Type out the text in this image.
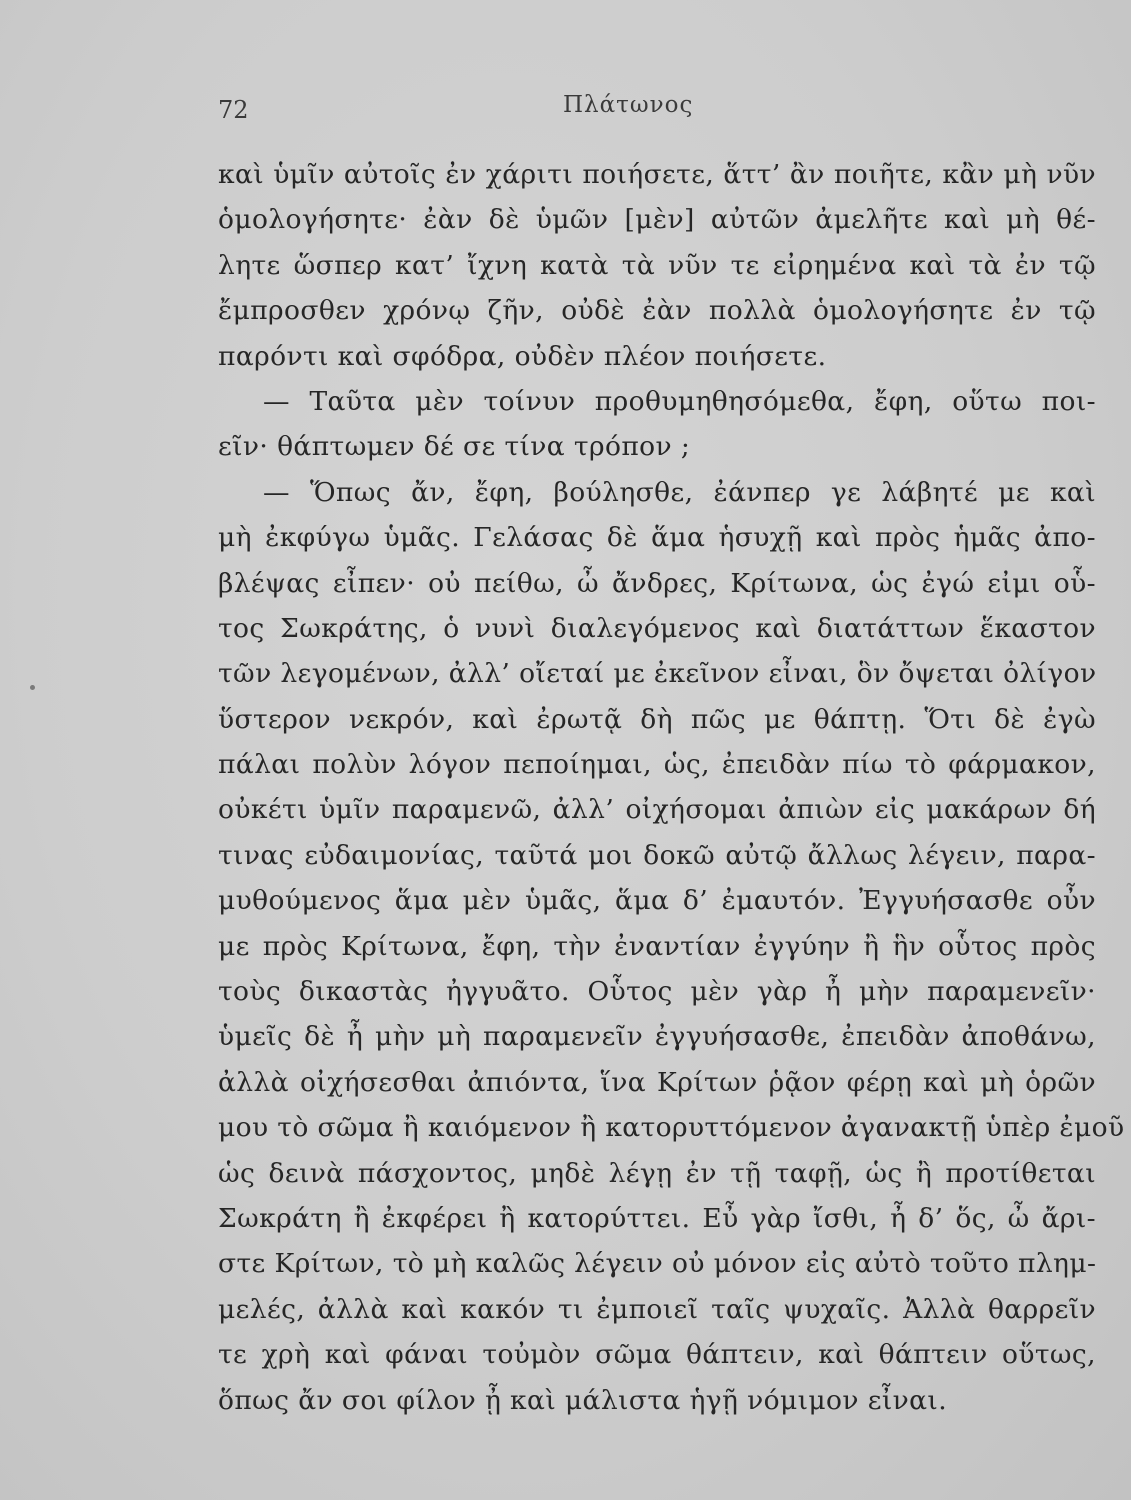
72	Πλάτωνος
καὶ ὑμῖν αὐτοῖς ἐν χάριτι ποιήσετε, ἅττ’ ἂν ποιῆτε, κἂν μὴ νῦν
ὁμολογήσητε· ἐὰν δὲ ὑμῶν [μὲν] αὐτῶν ἀμελῆτε καὶ μὴ θέ-
λητε ὥσπερ κατ’ ἴχνη κατὰ τὰ νῦν τε εἰρημένα καὶ τὰ ἐν τῷ
ἔμπροσθεν χρόνῳ ζῆν, οὐδὲ ἐὰν πολλὰ ὁμολογήσητε ἐν τῷ
παρόντι καὶ σφόδρα, οὐδὲν πλέον ποιήσετε.
— Ταῦτα μὲν τοίνυν προθυμηθησόμεθα, ἔφη, οὕτω ποι-
εῖν· θάπτωμεν δέ σε τίνα τρόπον ;
— Ὅπως ἄν, ἔφη, βούλησθε, ἐάνπερ γε λάβητέ με καὶ
μὴ ἐκφύγω ὑμᾶς. Γελάσας δὲ ἅμα ἡσυχῇ καὶ πρὸς ἡμᾶς ἀπο-
βλέψας εἶπεν· οὐ πείθω, ὦ ἄνδρες, Κρίτωνα, ὡς ἐγώ εἰμι οὗ-
τος Σωκράτης, ὁ νυνὶ διαλεγόμενος καὶ διατάττων ἕκαστον
τῶν λεγομένων, ἀλλ’ οἴεταί με ἐκεῖνον εἶναι, ὃν ὄψεται ὀλίγον
ὕστερον νεκρόν, καὶ ἐρωτᾷ δὴ πῶς με θάπτῃ. Ὅτι δὲ ἐγὼ
πάλαι πολὺν λόγον πεποίημαι, ὡς, ἐπειδὰν πίω τὸ φάρμακον,
οὐκέτι ὑμῖν παραμενῶ, ἀλλ’ οἰχήσομαι ἀπιὼν εἰς μακάρων δή
τινας εὐδαιμονίας, ταῦτά μοι δοκῶ αὐτῷ ἄλλως λέγειν, παρα-
μυθούμενος ἅμα μὲν ὑμᾶς, ἅμα δ’ ἐμαυτόν. Ἐγγυήσασθε οὖν
με πρὸς Κρίτωνα, ἔφη, τὴν ἐναντίαν ἐγγύην ἢ ἣν οὗτος πρὸς
τοὺς δικαστὰς ἠγγυᾶτο. Οὗτος μὲν γὰρ ἦ μὴν παραμενεῖν·
ὑμεῖς δὲ ἦ μὴν μὴ παραμενεῖν ἐγγυήσασθε, ἐπειδὰν ἀποθάνω,
ἀλλὰ οἰχήσεσθαι ἀπιόντα, ἵνα Κρίτων ῥᾷον φέρῃ καὶ μὴ ὁρῶν
μου τὸ σῶμα ἢ καιόμενον ἢ κατορυττόμενον ἀγανακτῇ ὑπὲρ ἐμοῦ
ὡς δεινὰ πάσχοντος, μηδὲ λέγῃ ἐν τῇ ταφῇ, ὡς ἢ προτίθεται
Σωκράτη ἢ ἐκφέρει ἢ κατορύττει. Εὖ γὰρ ἴσθι, ἦ δ’ ὅς, ὦ ἄρι-
στε Κρίτων, τὸ μὴ καλῶς λέγειν οὐ μόνον εἰς αὐτὸ τοῦτο πλημ-
μελές, ἀλλὰ καὶ κακόν τι ἐμποιεῖ ταῖς ψυχαῖς. Ἀλλὰ θαρρεῖν
τε χρὴ καὶ φάναι τοὐμὸν σῶμα θάπτειν, καὶ θάπτειν οὕτως,
ὅπως ἄν σοι φίλον ᾖ καὶ μάλιστα ἡγῇ νόμιμον εἶναι.
